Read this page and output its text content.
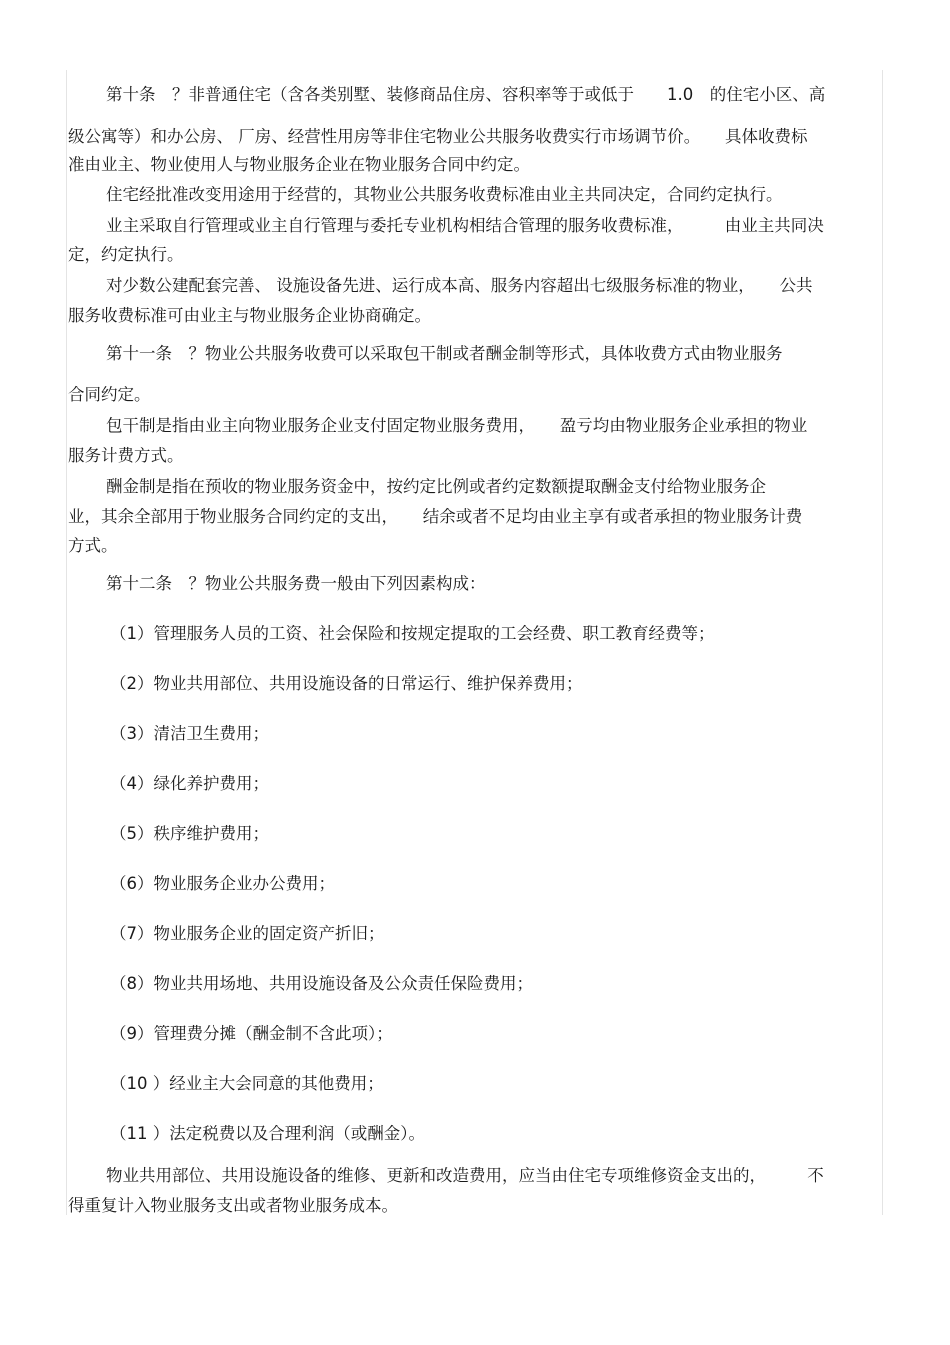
第十条　？非普通住宅（含各类别墅、装修商品住房、容积率等于或低于　　1.0　的住宅小区、高
级公寓等）和办公房、 厂房、经营性用房等非住宅物业公共服务收费实行市场调节价。　　具体收费标
准由业主、物业使用人与物业服务企业在物业服务合同中约定。
住宅经批准改变用途用于经营的，其物业公共服务收费标准由业主共同决定，合同约定执行。
业主采取自行管理或业主自行管理与委托专业机构相结合管理的服务收费标准，　　　由业主共同决
定，约定执行。
对少数公建配套完善、 设施设备先进、运行成本高、服务内容超出七级服务标准的物业，　　公共
服务收费标准可由业主与物业服务企业协商确定。
第十一条　？物业公共服务收费可以采取包干制或者酬金制等形式，具体收费方式由物业服务
合同约定。
包干制是指由业主向物业服务企业支付固定物业服务费用，　　盈亏均由物业服务企业承担的物业
服务计费方式。
酬金制是指在预收的物业服务资金中，按约定比例或者约定数额提取酬金支付给物业服务企
业，其余全部用于物业服务合同约定的支出，　　结余或者不足均由业主享有或者承担的物业服务计费
方式。
第十二条　？物业公共服务费一般由下列因素构成：
（1）管理服务人员的工资、社会保险和按规定提取的工会经费、职工教育经费等；
（2）物业共用部位、共用设施设备的日常运行、维护保养费用；
（3）清洁卫生费用；
（4）绿化养护费用；
（5）秩序维护费用；
（6）物业服务企业办公费用；
（7）物业服务企业的固定资产折旧；
（8）物业共用场地、共用设施设备及公众责任保险费用；
（9）管理费分摊（酬金制不含此项）；
（10 ）经业主大会同意的其他费用；
（11 ）法定税费以及合理利润（或酬金）。
物业共用部位、共用设施设备的维修、更新和改造费用，应当由住宅专项维修资金支出的，　　　不
得重复计入物业服务支出或者物业服务成本。
